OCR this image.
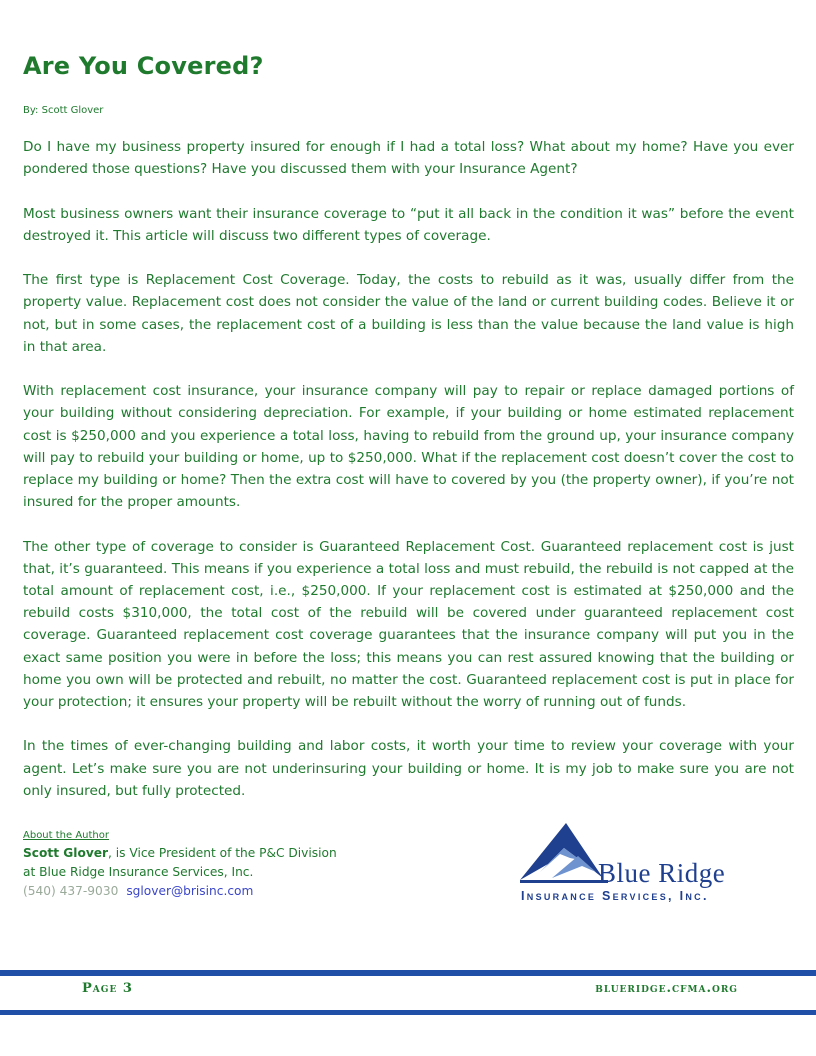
Are You Covered?
By: Scott Glover

Do I have my business property insured for enough if I had a total loss? What about my home? Have you ever pondered those questions? Have you discussed them with your Insurance Agent?

Most business owners want their insurance coverage to “put it all back in the condition it was” before the event destroyed it. This article will discuss two different types of coverage.

The first type is Replacement Cost Coverage. Today, the costs to rebuild as it was, usually differ from the property value. Replacement cost does not consider the value of the land or current building codes. Believe it or not, but in some cases, the replacement cost of a building is less than the value because the land value is high in that area.

With replacement cost insurance, your insurance company will pay to repair or replace damaged portions of your building without considering depreciation. For example, if your building or home estimated replacement cost is $250,000 and you experience a total loss, having to rebuild from the ground up, your insurance company will pay to rebuild your building or home, up to $250,000. What if the replacement cost doesn’t cover the cost to replace my building or home? Then the extra cost will have to covered by you (the property owner), if you’re not insured for the proper amounts.

The other type of coverage to consider is Guaranteed Replacement Cost. Guaranteed replacement cost is just that, it’s guaranteed. This means if you experience a total loss and must rebuild, the rebuild is not capped at the total amount of replacement cost, i.e., $250,000. If your replacement cost is estimated at $250,000 and the rebuild costs $310,000, the total cost of the rebuild will be covered under guaranteed replacement cost coverage. Guaranteed replacement cost coverage guarantees that the insurance company will put you in the exact same position you were in before the loss; this means you can rest assured knowing that the building or home you own will be protected and rebuilt, no matter the cost. Guaranteed replacement cost is put in place for your protection; it ensures your property will be rebuilt without the worry of running out of funds.

In the times of ever-changing building and labor costs, it worth your time to review your coverage with your agent. Let’s make sure you are not underinsuring your building or home. It is my job to make sure you are not only insured, but fully protected.

About the Author
Scott Glover, is Vice President of the P&C Division
at Blue Ridge Insurance Services, Inc.
(540) 437-9030 sglover@brisinc.com
Blue Ridge
Insurance Services, Inc.
Page 3	blueridge.cfma.org
